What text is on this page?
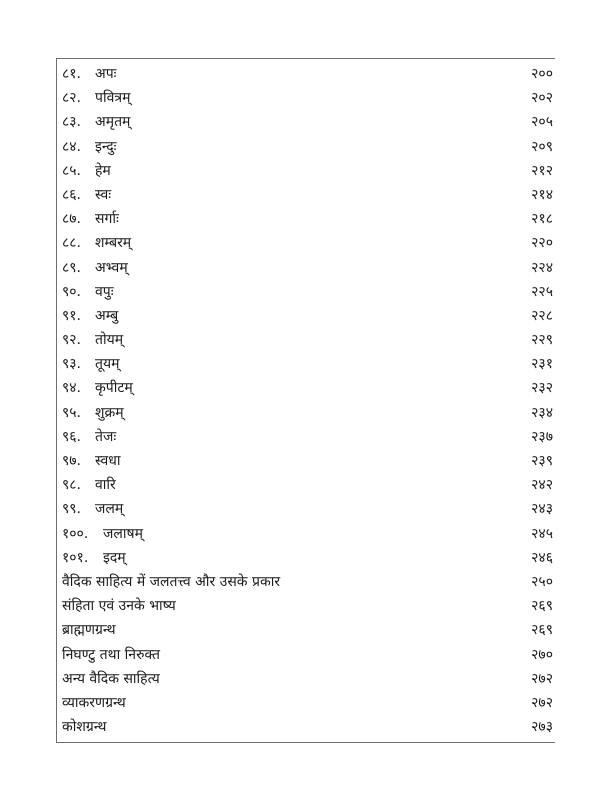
८१. अपः	२००
८२. पवित्रम्	२०२
८३. अमृतम्	२०५
८४. इन्दुः	२०९
८५. हेम	२१२
८६. स्वः	२१४
८७. सर्गाः	२१८
८८. शम्बरम्	२२०
८९. अभ्वम्	२२४
९०. वपुः	२२५
९१. अम्बु	२२८
९२. तोयम्	२२९
९३. तूयम्	२३१
९४. कृपीटम्	२३२
९५. शुक्रम्	२३४
९६. तेजः	२३७
९७. स्वधा	२३९
९८. वारि	२४२
९९. जलम्	२४३
१००.	जलाषम्	२४५
१०१.	इदम्	२४६
वैदिक साहित्य में जलतत्त्व और उसके प्रकार	२५०
संहिता एवं उनके भाष्य	२६९
ब्राह्मणग्रन्थ	२६९
निघण्टु तथा निरुक्त	२७०
अन्य वैदिक साहित्य	२७२
व्याकरणग्रन्थ	२७२
कोशग्रन्थ	२७३
